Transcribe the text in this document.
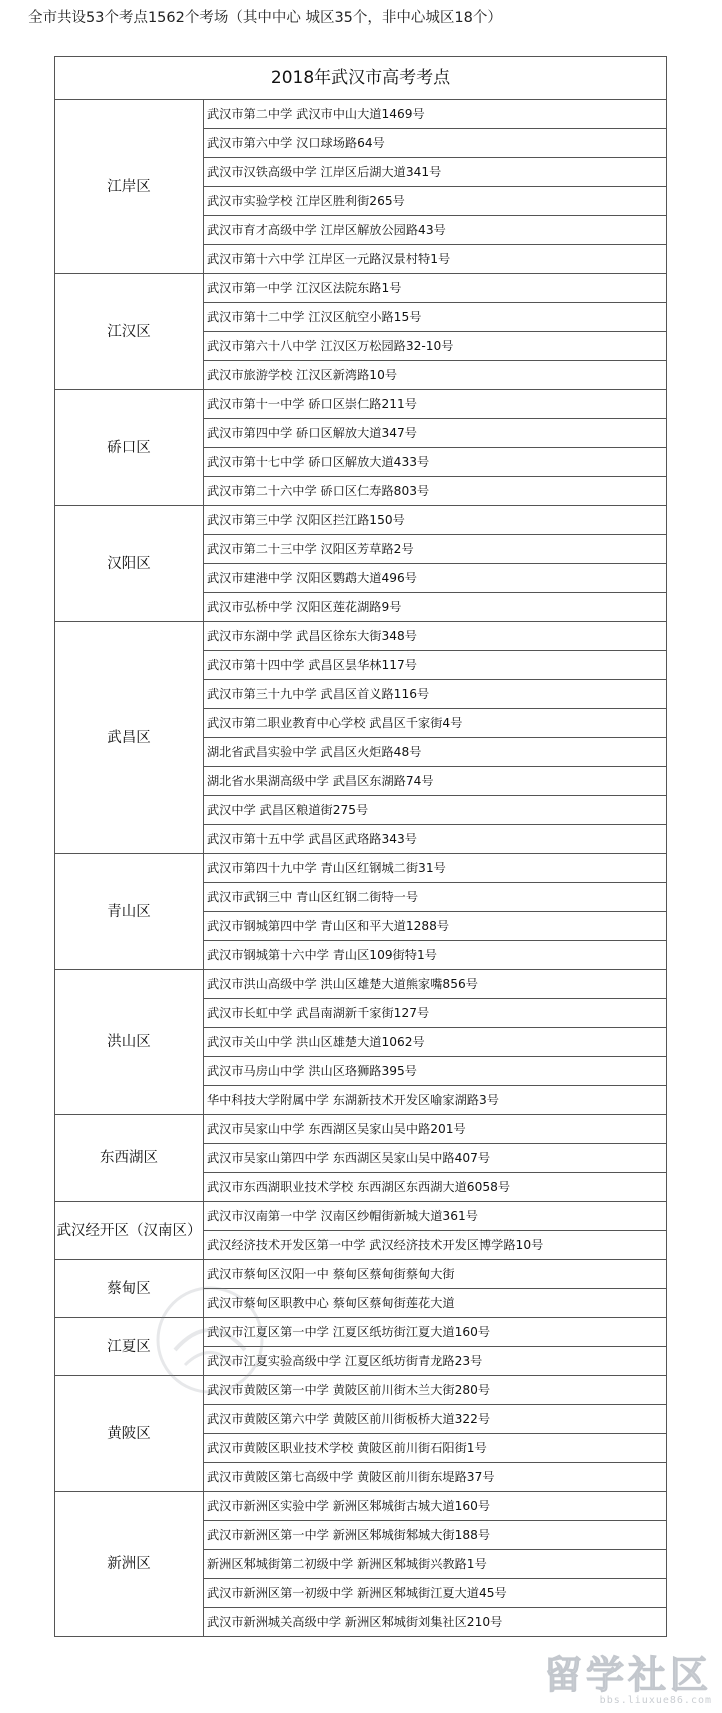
全市共设53个考点1562个考场（其中中心 城区35个，非中心城区18个）
2018年武汉市高考考点	
江岸区	武汉市第二中学 武汉市中山大道1469号
	武汉市第六中学 汉口球场路64号
	武汉市汉铁高级中学 江岸区后湖大道341号
	武汉市实验学校 江岸区胜利街265号
	武汉市育才高级中学 江岸区解放公园路43号
	武汉市第十六中学 江岸区一元路汉景村特1号
江汉区	武汉市第一中学 江汉区法院东路1号
	武汉市第十二中学 江汉区航空小路15号
	武汉市第六十八中学 江汉区万松园路32-10号
	武汉市旅游学校 江汉区新湾路10号
硚口区	武汉市第十一中学 硚口区崇仁路211号
	武汉市第四中学 硚口区解放大道347号
	武汉市第十七中学 硚口区解放大道433号
	武汉市第二十六中学 硚口区仁寿路803号
汉阳区	武汉市第三中学 汉阳区拦江路150号
	武汉市第二十三中学 汉阳区芳草路2号
	武汉市建港中学 汉阳区鹦鹉大道496号
	武汉市弘桥中学 汉阳区莲花湖路9号
武昌区	武汉市东湖中学 武昌区徐东大街348号
	武汉市第十四中学 武昌区昙华林117号
	武汉市第三十九中学 武昌区首义路116号
	武汉市第二职业教育中心学校 武昌区千家街4号
	湖北省武昌实验中学 武昌区火炬路48号
	湖北省水果湖高级中学 武昌区东湖路74号
	武汉中学 武昌区粮道街275号
	武汉市第十五中学 武昌区武珞路343号
青山区	武汉市第四十九中学 青山区红钢城二街31号
	武汉市武钢三中 青山区红钢二街特一号
	武汉市钢城第四中学 青山区和平大道1288号
	武汉市钢城第十六中学 青山区109街特1号
洪山区	武汉市洪山高级中学 洪山区雄楚大道熊家嘴856号
	武汉市长虹中学 武昌南湖新千家街127号
	武汉市关山中学 洪山区雄楚大道1062号
	武汉市马房山中学 洪山区珞狮路395号
	华中科技大学附属中学 东湖新技术开发区喻家湖路3号
东西湖区	武汉市吴家山中学 东西湖区吴家山吴中路201号
	武汉市吴家山第四中学 东西湖区吴家山吴中路407号
	武汉市东西湖职业技术学校 东西湖区东西湖大道6058号
武汉经开区（汉南区）	武汉市汉南第一中学 汉南区纱帽街新城大道361号
	武汉经济技术开发区第一中学 武汉经济技术开发区博学路10号
蔡甸区	武汉市蔡甸区汉阳一中 蔡甸区蔡甸街蔡甸大街
	武汉市蔡甸区职教中心 蔡甸区蔡甸街莲花大道
江夏区	武汉市江夏区第一中学 江夏区纸坊街江夏大道160号
	武汉市江夏实验高级中学 江夏区纸坊街青龙路23号
黄陂区	武汉市黄陂区第一中学 黄陂区前川街木兰大街280号
	武汉市黄陂区第六中学 黄陂区前川街板桥大道322号
	武汉市黄陂区职业技术学校 黄陂区前川街石阳街1号
	武汉市黄陂区第七高级中学 黄陂区前川街东堤路37号
新洲区	武汉市新洲区实验中学 新洲区邾城街古城大道160号
	武汉市新洲区第一中学 新洲区邾城街邾城大街188号
	新洲区邾城街第二初级中学 新洲区邾城街兴教路1号
	武汉市新洲区第一初级中学 新洲区邾城街江夏大道45号
	武汉市新洲城关高级中学 新洲区邾城街刘集社区210号
留学社区
bbs.liuxue86.com
